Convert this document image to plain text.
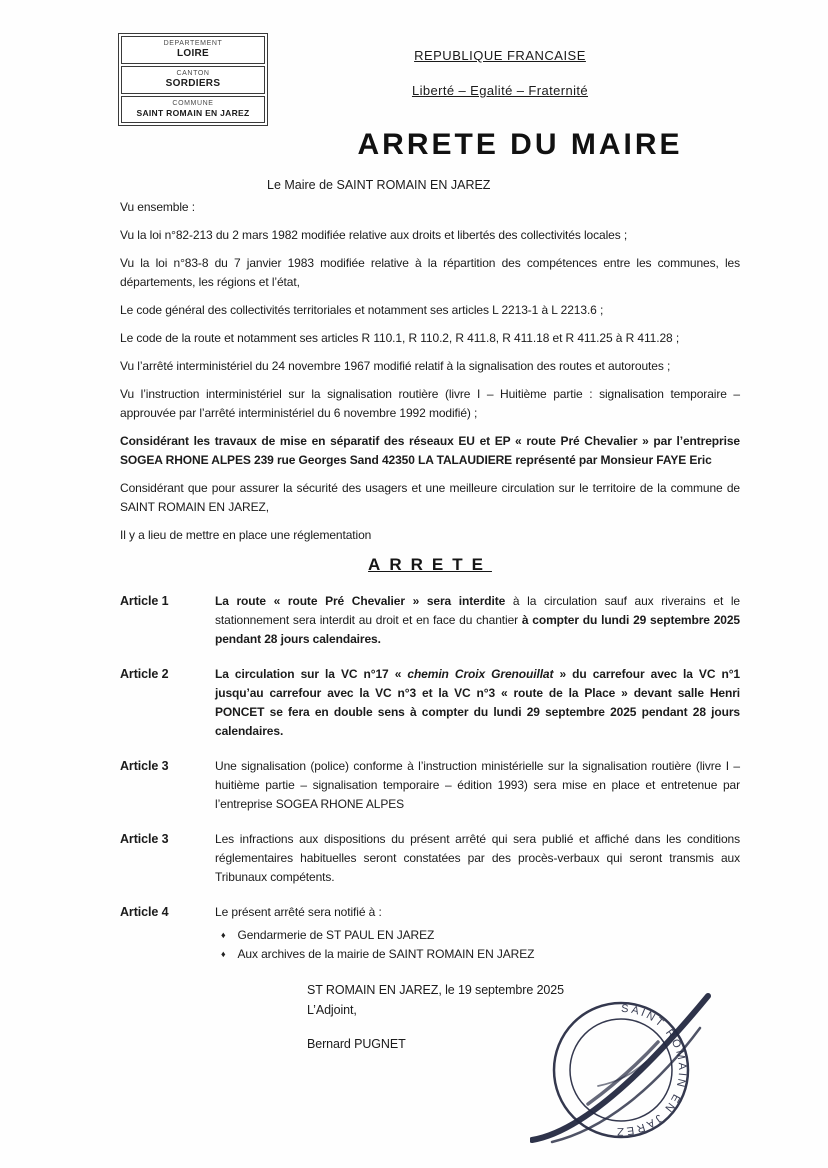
DEPARTEMENT
LOIRE
CANTON
SORDIERS
COMMUNE
SAINT ROMAIN EN JAREZ
REPUBLIQUE FRANCAISE
Liberté – Egalité – Fraternité
ARRETE DU MAIRE
Le Maire de SAINT ROMAIN EN JAREZ

Vu ensemble :

Vu la loi n°82-213 du 2 mars 1982 modifiée relative aux droits et libertés des collectivités locales ;

Vu la loi n°83-8 du 7 janvier 1983 modifiée relative à la répartition des compétences entre les communes, les départements, les régions et l’état,

Le code général des collectivités territoriales et notamment ses articles L 2213-1 à L 2213.6 ;

Le code de la route et notamment ses articles R 110.1, R 110.2, R 411.8, R 411.18 et R 411.25 à R 411.28 ;

Vu l’arrêté interministériel du 24 novembre 1967 modifié relatif à la signalisation des routes et autoroutes ;

Vu l’instruction interministériel sur la signalisation routière (livre I – Huitième partie : signalisation temporaire – approuvée par l’arrêté interministériel du 6 novembre 1992 modifié) ;

Considérant les travaux de mise en séparatif des réseaux EU et EP « route Pré Chevalier » par l’entreprise SOGEA RHONE ALPES 239 rue Georges Sand 42350 LA TALAUDIERE représenté par Monsieur FAYE Eric

Considérant que pour assurer la sécurité des usagers et une meilleure circulation sur le territoire de la commune de SAINT ROMAIN EN JAREZ,

Il y a lieu de mettre en place une réglementation

ARRETE
Article 1	La route « route Pré Chevalier » sera interdite à la circulation sauf aux riverains et le stationnement sera interdit au droit et en face du chantier à compter du lundi 29 septembre 2025 pendant 28 jours calendaires.
Article 2	La circulation sur la VC n°17 « chemin Croix Grenouillat » du carrefour avec la VC n°1 jusqu’au carrefour avec la VC n°3 et la VC n°3 « route de la Place » devant salle Henri PONCET se fera en double sens à compter du lundi 29 septembre 2025 pendant 28 jours calendaires.
Article 3	Une signalisation (police) conforme à l’instruction ministérielle sur la signalisation routière (livre I – huitième partie – signalisation temporaire – édition 1993) sera mise en place et entretenue par l’entreprise SOGEA RHONE ALPES
Article 3	Les infractions aux dispositions du présent arrêté qui sera publié et affiché dans les conditions réglementaires habituelles seront constatées par des procès-verbaux qui seront transmis aux Tribunaux compétents.
Article 4	Le présent arrêté sera notifié à :
♦ Gendarmerie de ST PAUL EN JAREZ
♦ Aux archives de la mairie de SAINT ROMAIN EN JAREZ
ST ROMAIN EN JAREZ, le 19 septembre 2025
L’Adjoint,
Bernard PUGNET
SAINT ROMAIN EN JAREZ
